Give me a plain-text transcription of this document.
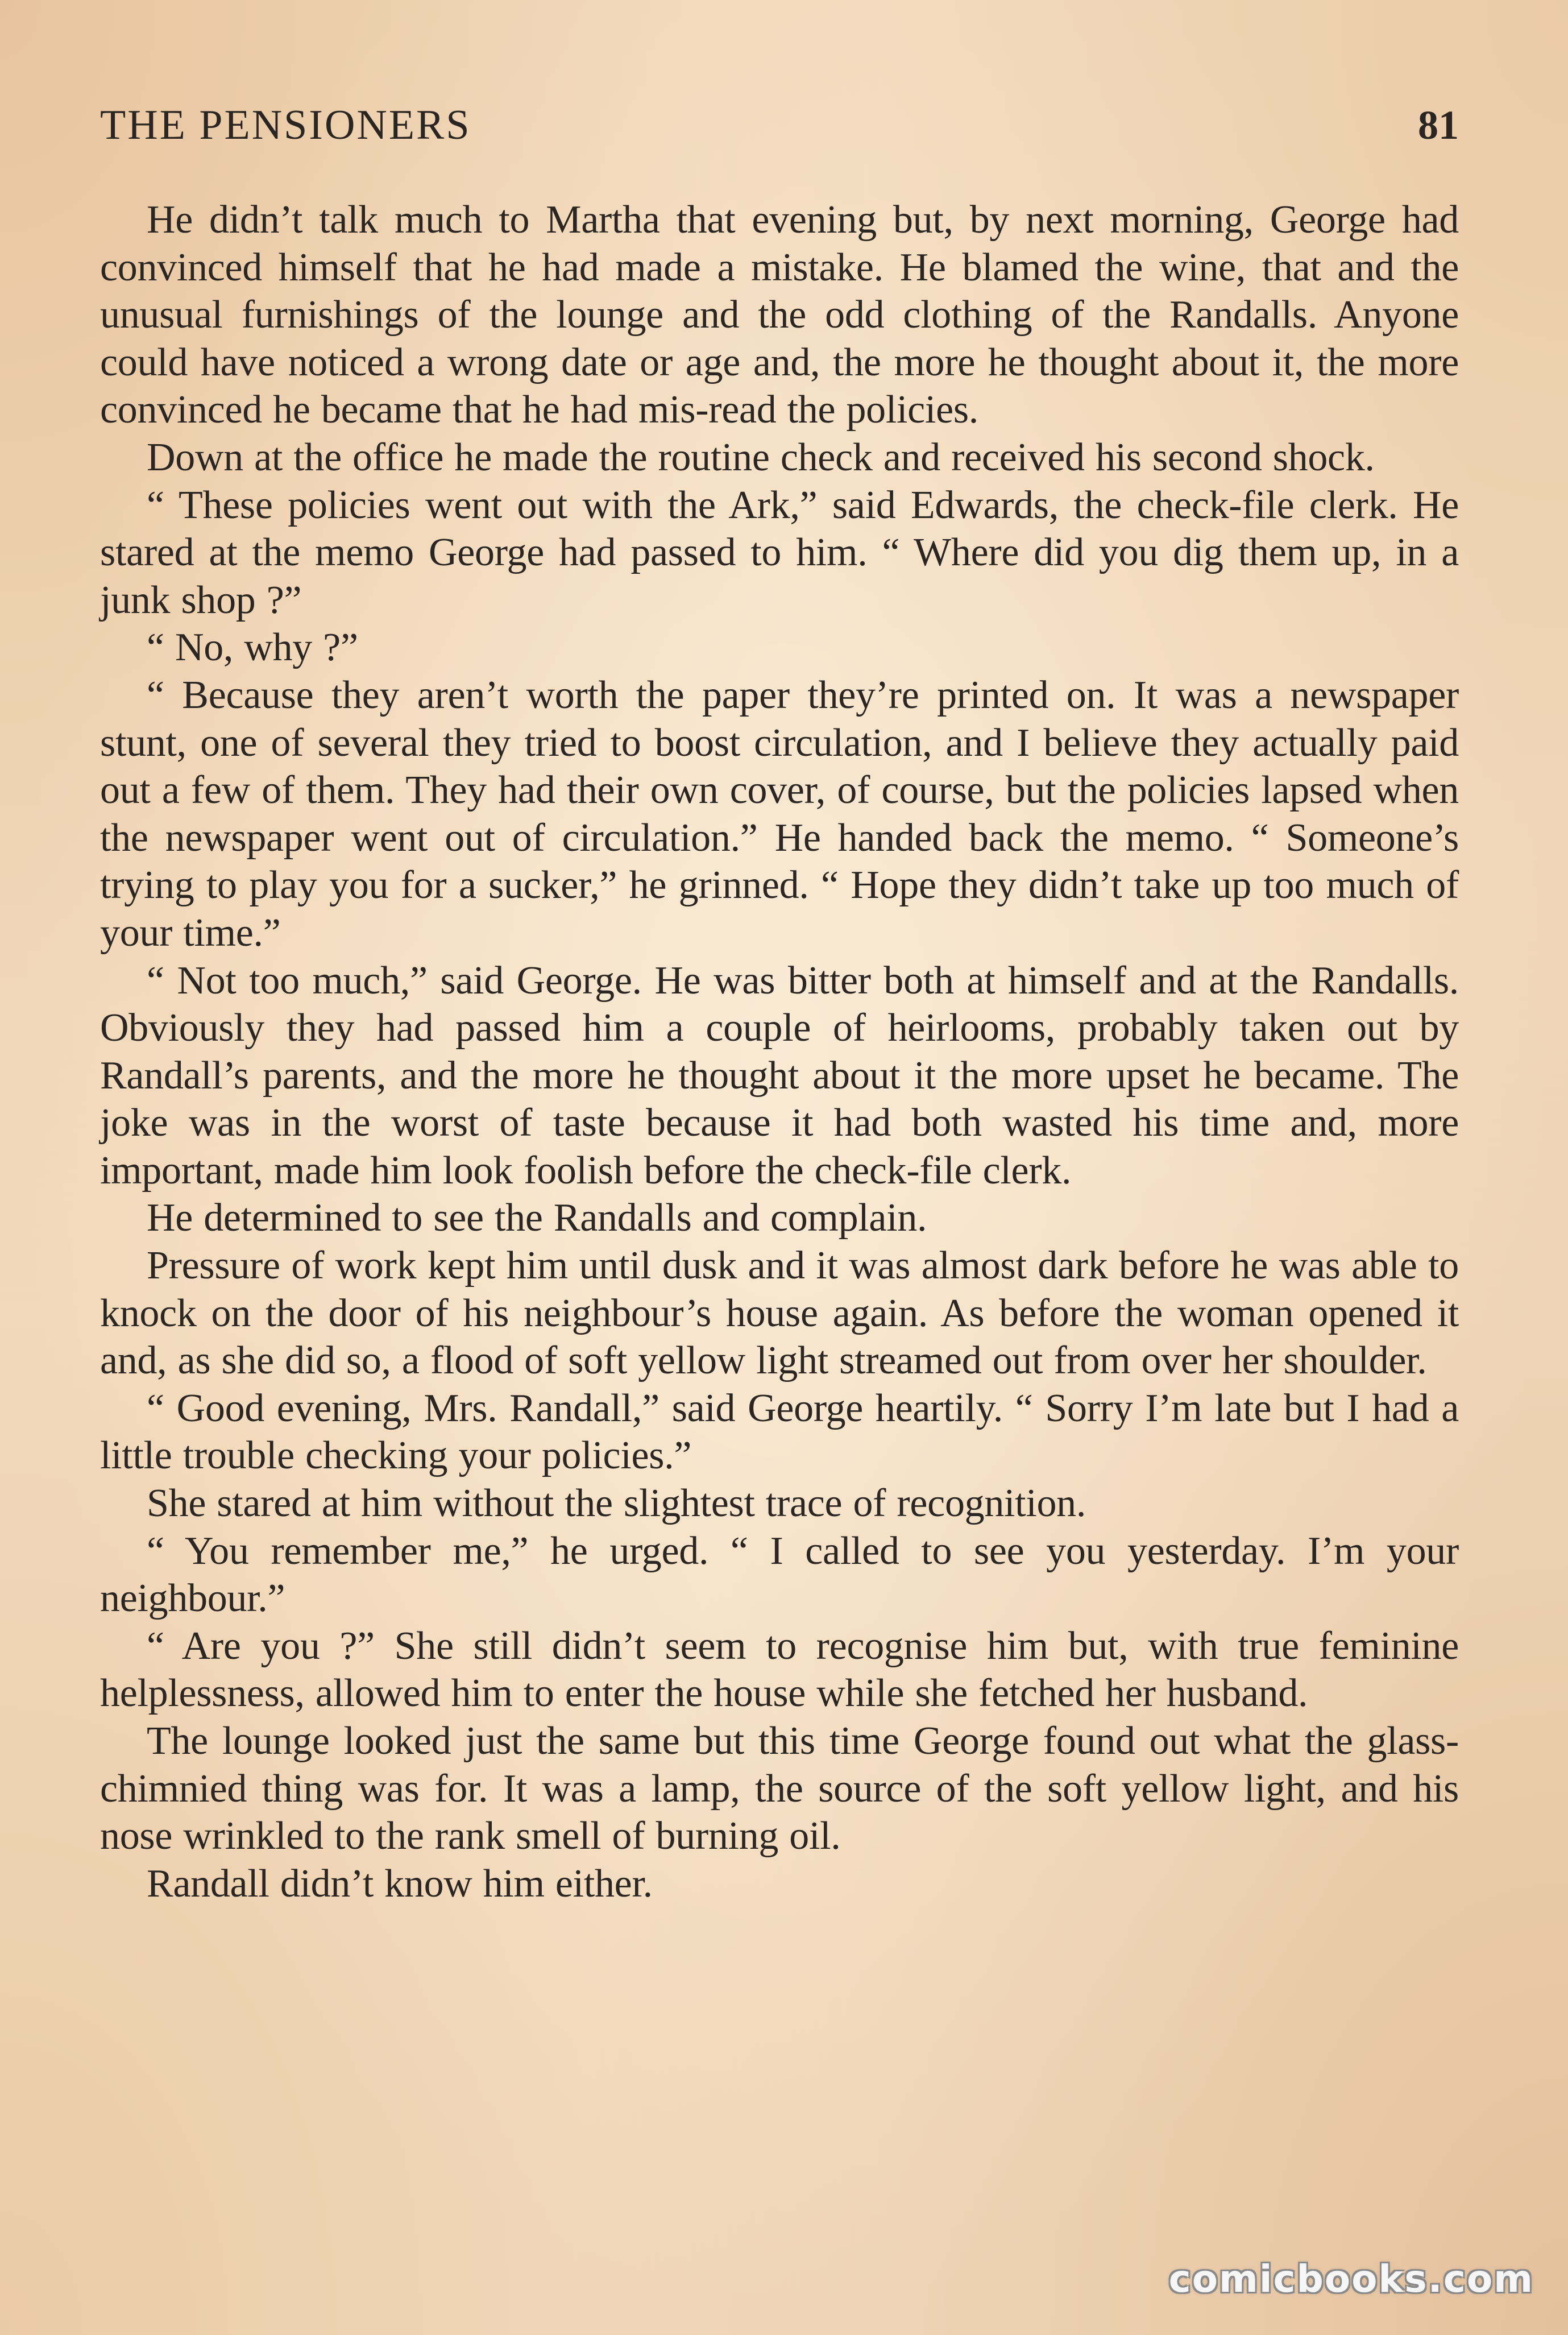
THE PENSIONERS	81

He didn’t talk much to Martha that evening but, by next morning, George had convinced himself that he had made a mistake. He blamed the wine, that and the unusual furnishings of the lounge and the odd clothing of the Randalls. Anyone could have noticed a wrong date or age and, the more he thought about it, the more convinced he became that he had mis-read the policies.

Down at the office he made the routine check and received his second shock.

“ These policies went out with the Ark,” said Edwards, the check-file clerk. He stared at the memo George had passed to him. “ Where did you dig them up, in a junk shop ?”

“ No, why ?”

“ Because they aren’t worth the paper they’re printed on. It was a newspaper stunt, one of several they tried to boost circulation, and I believe they actually paid out a few of them. They had their own cover, of course, but the policies lapsed when the newspaper went out of circulation.” He handed back the memo. “ Someone’s trying to play you for a sucker,” he grinned. “ Hope they didn’t take up too much of your time.”

“ Not too much,” said George. He was bitter both at himself and at the Randalls. Obviously they had passed him a couple of heirlooms, probably taken out by Randall’s parents, and the more he thought about it the more upset he became. The joke was in the worst of taste because it had both wasted his time and, more important, made him look foolish before the check-file clerk.

He determined to see the Randalls and complain.

Pressure of work kept him until dusk and it was almost dark before he was able to knock on the door of his neighbour’s house again. As before the woman opened it and, as she did so, a flood of soft yellow light streamed out from over her shoulder.

“ Good evening, Mrs. Randall,” said George heartily. “ Sorry I’m late but I had a little trouble checking your policies.”

She stared at him without the slightest trace of recognition.

“ You remember me,” he urged. “ I called to see you yesterday. I’m your neighbour.”

“ Are you ?” She still didn’t seem to recognise him but, with true feminine helplessness, allowed him to enter the house while she fetched her husband.

The lounge looked just the same but this time George found out what the glass-chimnied thing was for. It was a lamp, the source of the soft yellow light, and his nose wrinkled to the rank smell of burning oil.

Randall didn’t know him either.

comicbooks.com
